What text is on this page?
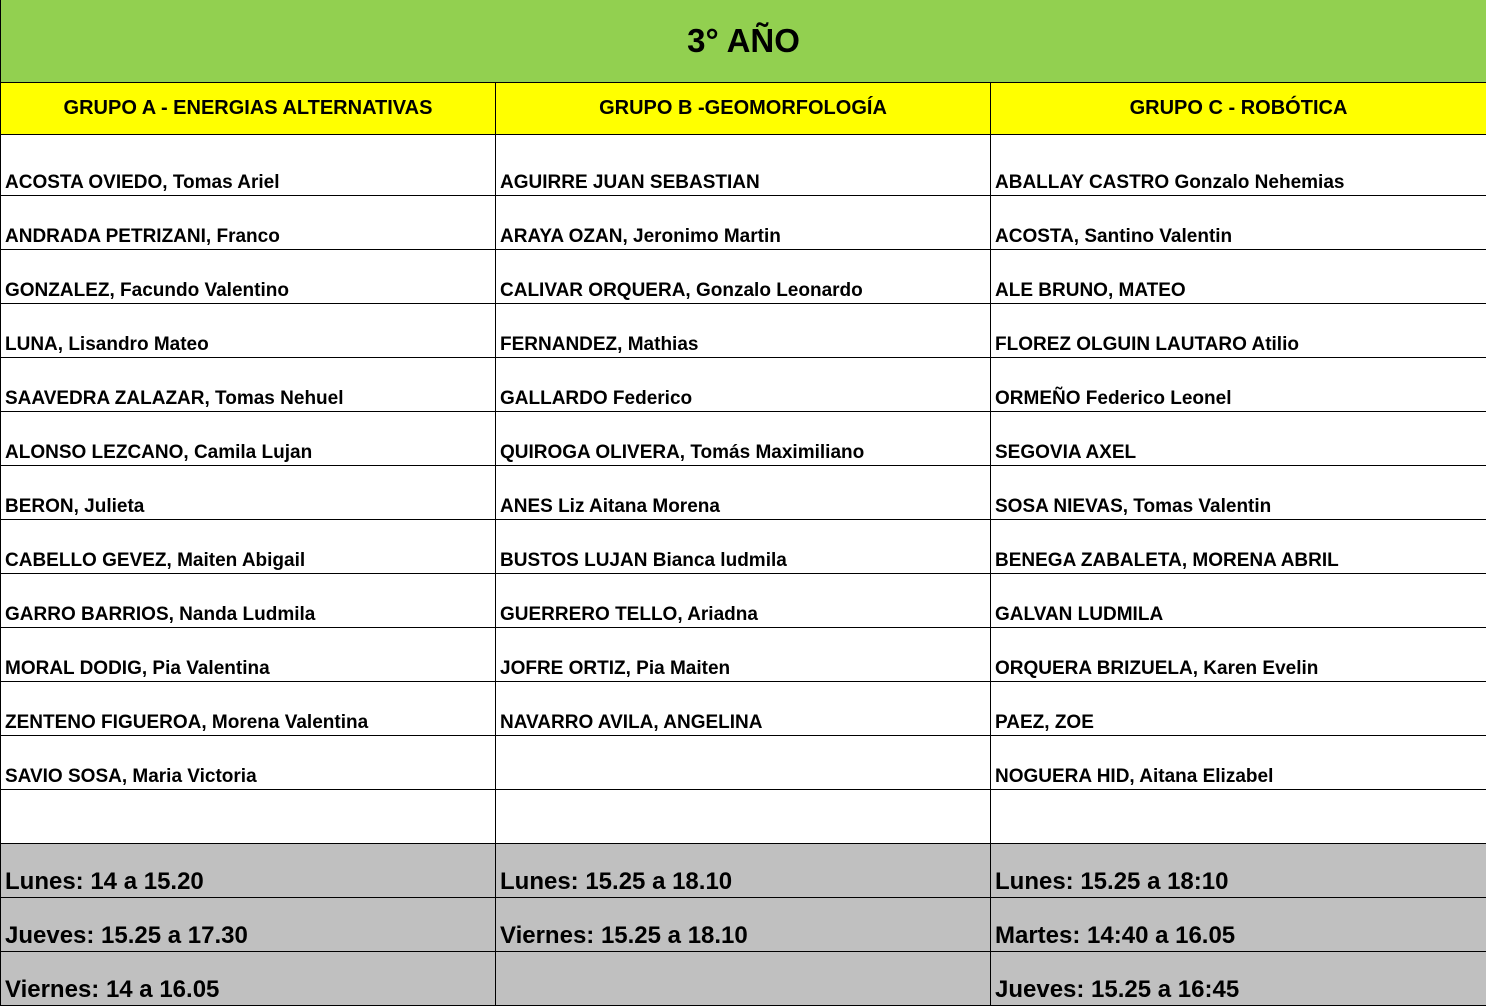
3° AÑO		
GRUPO A - ENERGIAS ALTERNATIVAS	GRUPO B -GEOMORFOLOGÍA	GRUPO C - ROBÓTICA
ACOSTA OVIEDO, Tomas Ariel	AGUIRRE JUAN SEBASTIAN	ABALLAY CASTRO Gonzalo Nehemias
ANDRADA PETRIZANI, Franco	ARAYA OZAN, Jeronimo Martin	ACOSTA, Santino Valentin
GONZALEZ, Facundo Valentino	CALIVAR ORQUERA, Gonzalo Leonardo	ALE BRUNO, MATEO
LUNA, Lisandro Mateo	FERNANDEZ, Mathias	FLOREZ OLGUIN LAUTARO Atilio
SAAVEDRA ZALAZAR, Tomas Nehuel	GALLARDO Federico	ORMEÑO Federico Leonel
ALONSO LEZCANO, Camila Lujan	QUIROGA OLIVERA, Tomás Maximiliano	SEGOVIA AXEL
BERON, Julieta	ANES Liz Aitana Morena	SOSA NIEVAS, Tomas Valentin
CABELLO GEVEZ, Maiten Abigail	BUSTOS LUJAN Bianca ludmila	BENEGA ZABALETA, MORENA ABRIL
GARRO BARRIOS, Nanda Ludmila	GUERRERO TELLO, Ariadna	GALVAN LUDMILA
MORAL DODIG, Pia Valentina	JOFRE ORTIZ, Pia Maiten	ORQUERA BRIZUELA, Karen Evelin
ZENTENO FIGUEROA, Morena Valentina	NAVARRO AVILA, ANGELINA	PAEZ, ZOE
SAVIO SOSA, Maria Victoria		NOGUERA HID, Aitana Elizabel

Lunes: 14 a 15.20	Lunes: 15.25 a 18.10	Lunes: 15.25 a 18:10
Jueves: 15.25 a 17.30	Viernes: 15.25 a 18.10	Martes: 14:40 a 16.05
Viernes: 14 a 16.05		Jueves: 15.25 a 16:45
